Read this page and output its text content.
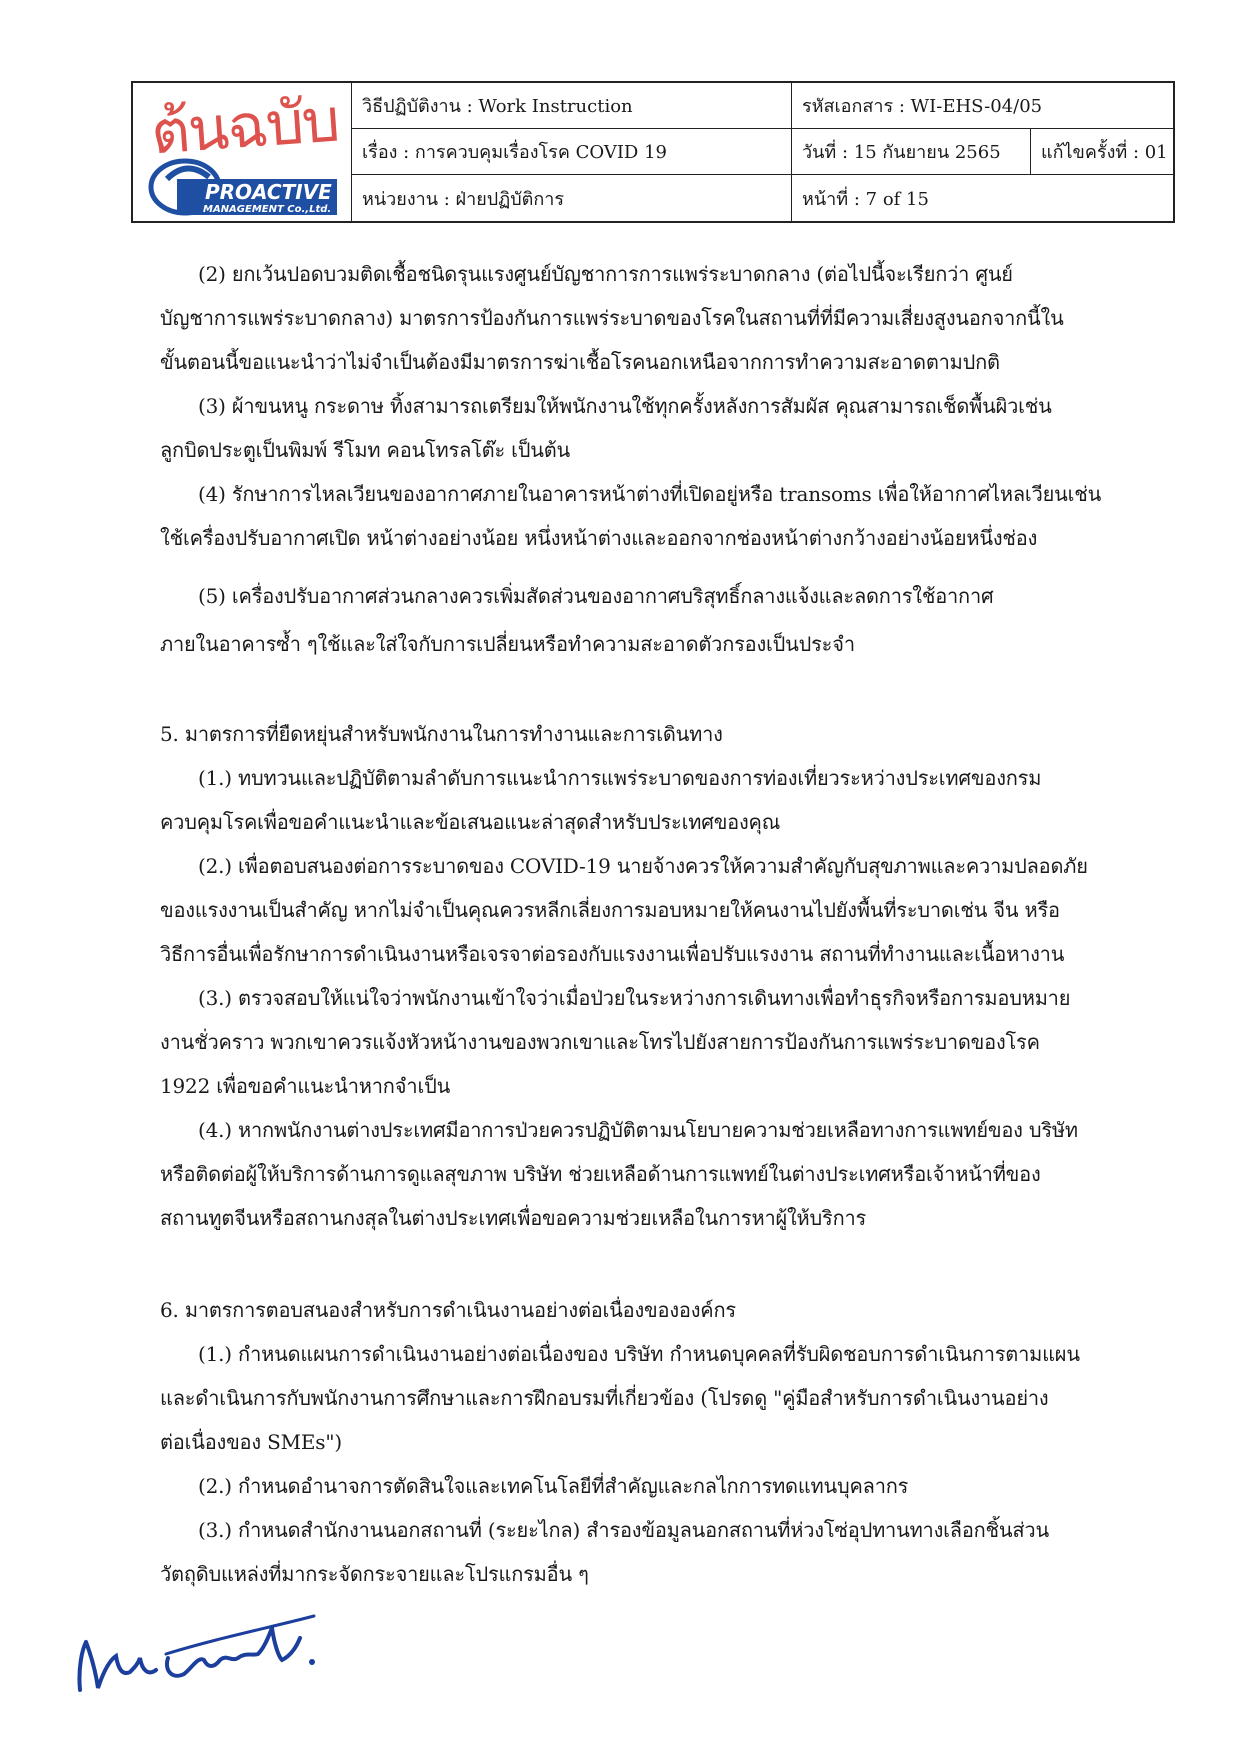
ต้นฉบับ
PROACTIVE
MANAGEMENT Co.,Ltd.
วิธีปฏิบัติงาน : Work Instruction	รหัสเอกสาร : WI-EHS-04/05
เรื่อง : การควบคุมเรื่องโรค COVID 19	วันที่ : 15 กันยายน 2565	แก้ไขครั้งที่ : 01
หน่วยงาน : ฝ่ายปฏิบัติการ	หน้าที่ : 7 of 15
(2) ยกเว้นปอดบวมติดเชื้อชนิดรุนแรงศูนย์บัญชาการการแพร่ระบาดกลาง (ต่อไปนี้จะเรียกว่า ศูนย์
บัญชาการแพร่ระบาดกลาง) มาตรการป้องกันการแพร่ระบาดของโรคในสถานที่ที่มีความเสี่ยงสูงนอกจากนี้ใน
ขั้นตอนนี้ขอแนะนำว่าไม่จำเป็นต้องมีมาตรการฆ่าเชื้อโรคนอกเหนือจากการทำความสะอาดตามปกติ
(3) ผ้าขนหนู กระดาษ ทิ้งสามารถเตรียมให้พนักงานใช้ทุกครั้งหลังการสัมผัส คุณสามารถเช็ดพื้นผิวเช่น
ลูกบิดประตูเป็นพิมพ์ รีโมท คอนโทรลโต๊ะ เป็นต้น
(4) รักษาการไหลเวียนของอากาศภายในอาคารหน้าต่างที่เปิดอยู่หรือ transoms เพื่อให้อากาศไหลเวียนเช่น
ใช้เครื่องปรับอากาศเปิด หน้าต่างอย่างน้อย หนึ่งหน้าต่างและออกจากช่องหน้าต่างกว้างอย่างน้อยหนึ่งช่อง
(5) เครื่องปรับอากาศส่วนกลางควรเพิ่มสัดส่วนของอากาศบริสุทธิ์กลางแจ้งและลดการใช้อากาศ
ภายในอาคารซ้ำ ๆใช้และใส่ใจกับการเปลี่ยนหรือทำความสะอาดตัวกรองเป็นประจำ
5. มาตรการที่ยืดหยุ่นสำหรับพนักงานในการทำงานและการเดินทาง
(1.) ทบทวนและปฏิบัติตามลำดับการแนะนำการแพร่ระบาดของการท่องเที่ยวระหว่างประเทศของกรม
ควบคุมโรคเพื่อขอคำแนะนำและข้อเสนอแนะล่าสุดสำหรับประเทศของคุณ
(2.) เพื่อตอบสนองต่อการระบาดของ COVID-19 นายจ้างควรให้ความสำคัญกับสุขภาพและความปลอดภัย
ของแรงงานเป็นสำคัญ หากไม่จำเป็นคุณควรหลีกเลี่ยงการมอบหมายให้คนงานไปยังพื้นที่ระบาดเช่น จีน หรือ
วิธีการอื่นเพื่อรักษาการดำเนินงานหรือเจรจาต่อรองกับแรงงานเพื่อปรับแรงงาน สถานที่ทำงานและเนื้อหางาน
(3.) ตรวจสอบให้แน่ใจว่าพนักงานเข้าใจว่าเมื่อป่วยในระหว่างการเดินทางเพื่อทำธุรกิจหรือการมอบหมาย
งานชั่วคราว พวกเขาควรแจ้งหัวหน้างานของพวกเขาและโทรไปยังสายการป้องกันการแพร่ระบาดของโรค
1922 เพื่อขอคำแนะนำหากจำเป็น
(4.) หากพนักงานต่างประเทศมีอาการป่วยควรปฏิบัติตามนโยบายความช่วยเหลือทางการแพทย์ของ บริษัท
หรือติดต่อผู้ให้บริการด้านการดูแลสุขภาพ บริษัท ช่วยเหลือด้านการแพทย์ในต่างประเทศหรือเจ้าหน้าที่ของ
สถานทูตจีนหรือสถานกงสุลในต่างประเทศเพื่อขอความช่วยเหลือในการหาผู้ให้บริการ
6. มาตรการตอบสนองสำหรับการดำเนินงานอย่างต่อเนื่องขององค์กร
(1.) กำหนดแผนการดำเนินงานอย่างต่อเนื่องของ บริษัท กำหนดบุคคลที่รับผิดชอบการดำเนินการตามแผน
และดำเนินการกับพนักงานการศึกษาและการฝึกอบรมที่เกี่ยวข้อง (โปรดดู "คู่มือสำหรับการดำเนินงานอย่าง
ต่อเนื่องของ SMEs")
(2.) กำหนดอำนาจการตัดสินใจและเทคโนโลยีที่สำคัญและกลไกการทดแทนบุคลากร
(3.) กำหนดสำนักงานนอกสถานที่ (ระยะไกล) สำรองข้อมูลนอกสถานที่ห่วงโซ่อุปทานทางเลือกชิ้นส่วน
วัตถุดิบแหล่งที่มากระจัดกระจายและโปรแกรมอื่น ๆ
